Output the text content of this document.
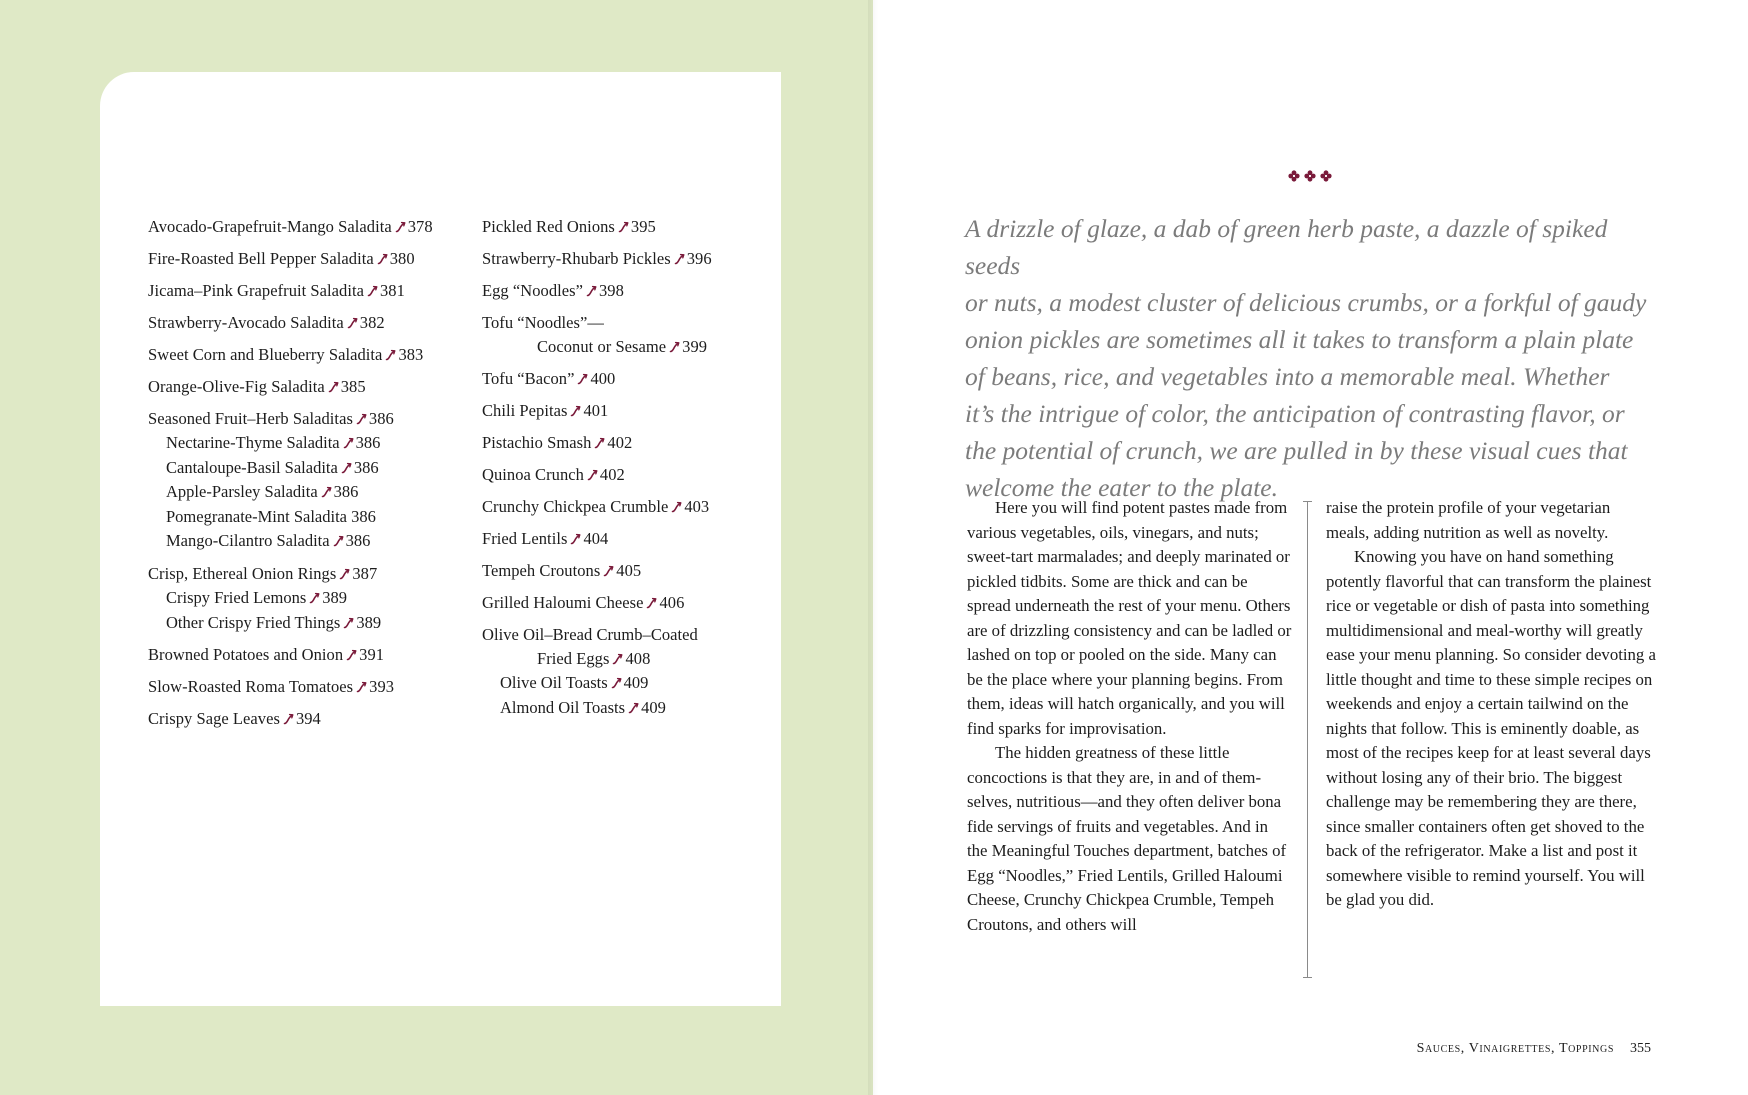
Avocado-Grapefruit-Mango Saladita 378
Fire-Roasted Bell Pepper Saladita 380
Jicama–Pink Grapefruit Saladita 381
Strawberry-Avocado Saladita 382
Sweet Corn and Blueberry Saladita 383
Orange-Olive-Fig Saladita 385
Seasoned Fruit–Herb Saladitas 386
Nectarine-Thyme Saladita 386
Cantaloupe-Basil Saladita 386
Apple-Parsley Saladita 386
Pomegranate-Mint Saladita 386
Mango-Cilantro Saladita 386
Crisp, Ethereal Onion Rings 387
Crispy Fried Lemons 389
Other Crispy Fried Things 389
Browned Potatoes and Onion 391
Slow-Roasted Roma Tomatoes 393
Crispy Sage Leaves 394
Pickled Red Onions 395
Strawberry-Rhubarb Pickles 396
Egg “Noodles” 398
Tofu “Noodles”—
Coconut or Sesame 399
Tofu “Bacon” 400
Chili Pepitas 401
Pistachio Smash 402
Quinoa Crunch 402
Crunchy Chickpea Crumble 403
Fried Lentils 404
Tempeh Croutons 405
Grilled Haloumi Cheese 406
Olive Oil–Bread Crumb–Coated
Fried Eggs 408
Olive Oil Toasts 409
Almond Oil Toasts 409

A drizzle of glaze, a dab of green herb paste, a dazzle of spiked seeds

or nuts, a modest cluster of delicious crumbs, or a forkful of gaudy

onion pickles are sometimes all it takes to transform a plain plate

of beans, rice, and vegetables into a memorable meal. Whether

it’s the intrigue of color, the anticipation of contrasting flavor, or

the potential of crunch, we are pulled in by these visual cues that

welcome the eater to the plate.

Here you will find potent pastes made from various vegetables, oils, vinegars, and nuts; sweet-tart marmalades; and deeply marinated or pickled tidbits. Some are thick and can be spread underneath the rest of your menu. Others are of drizzling consistency and can be ladled or lashed on top or pooled on the side. Many can be the place where your planning begins. From them, ideas will hatch organically, and you will find sparks for improvisation.

The hidden greatness of these little concoctions is that they are, in and of themselves, nutritious—and they often deliver bona fide servings of fruits and vegetables. And in the Meaningful Touches department, batches of Egg “Noodles,” Fried Lentils, Grilled Haloumi Cheese, Crunchy Chickpea Crumble, Tempeh Croutons, and others will

raise the protein profile of your vegetarian meals, adding nutrition as well as novelty.

Knowing you have on hand something potently flavorful that can transform the plainest rice or vegetable or dish of pasta into something multidimensional and meal-worthy will greatly ease your menu planning. So consider devoting a little thought and time to these simple recipes on weekends and enjoy a certain tailwind on the nights that follow. This is eminently doable, as most of the recipes keep for at least several days without losing any of their brio. The biggest challenge may be remembering they are there, since smaller containers often get shoved to the back of the refrigerator. Make a list and post it somewhere visible to remind yourself. You will be glad you did.

Sauces, Vinaigrettes, Toppings 355
